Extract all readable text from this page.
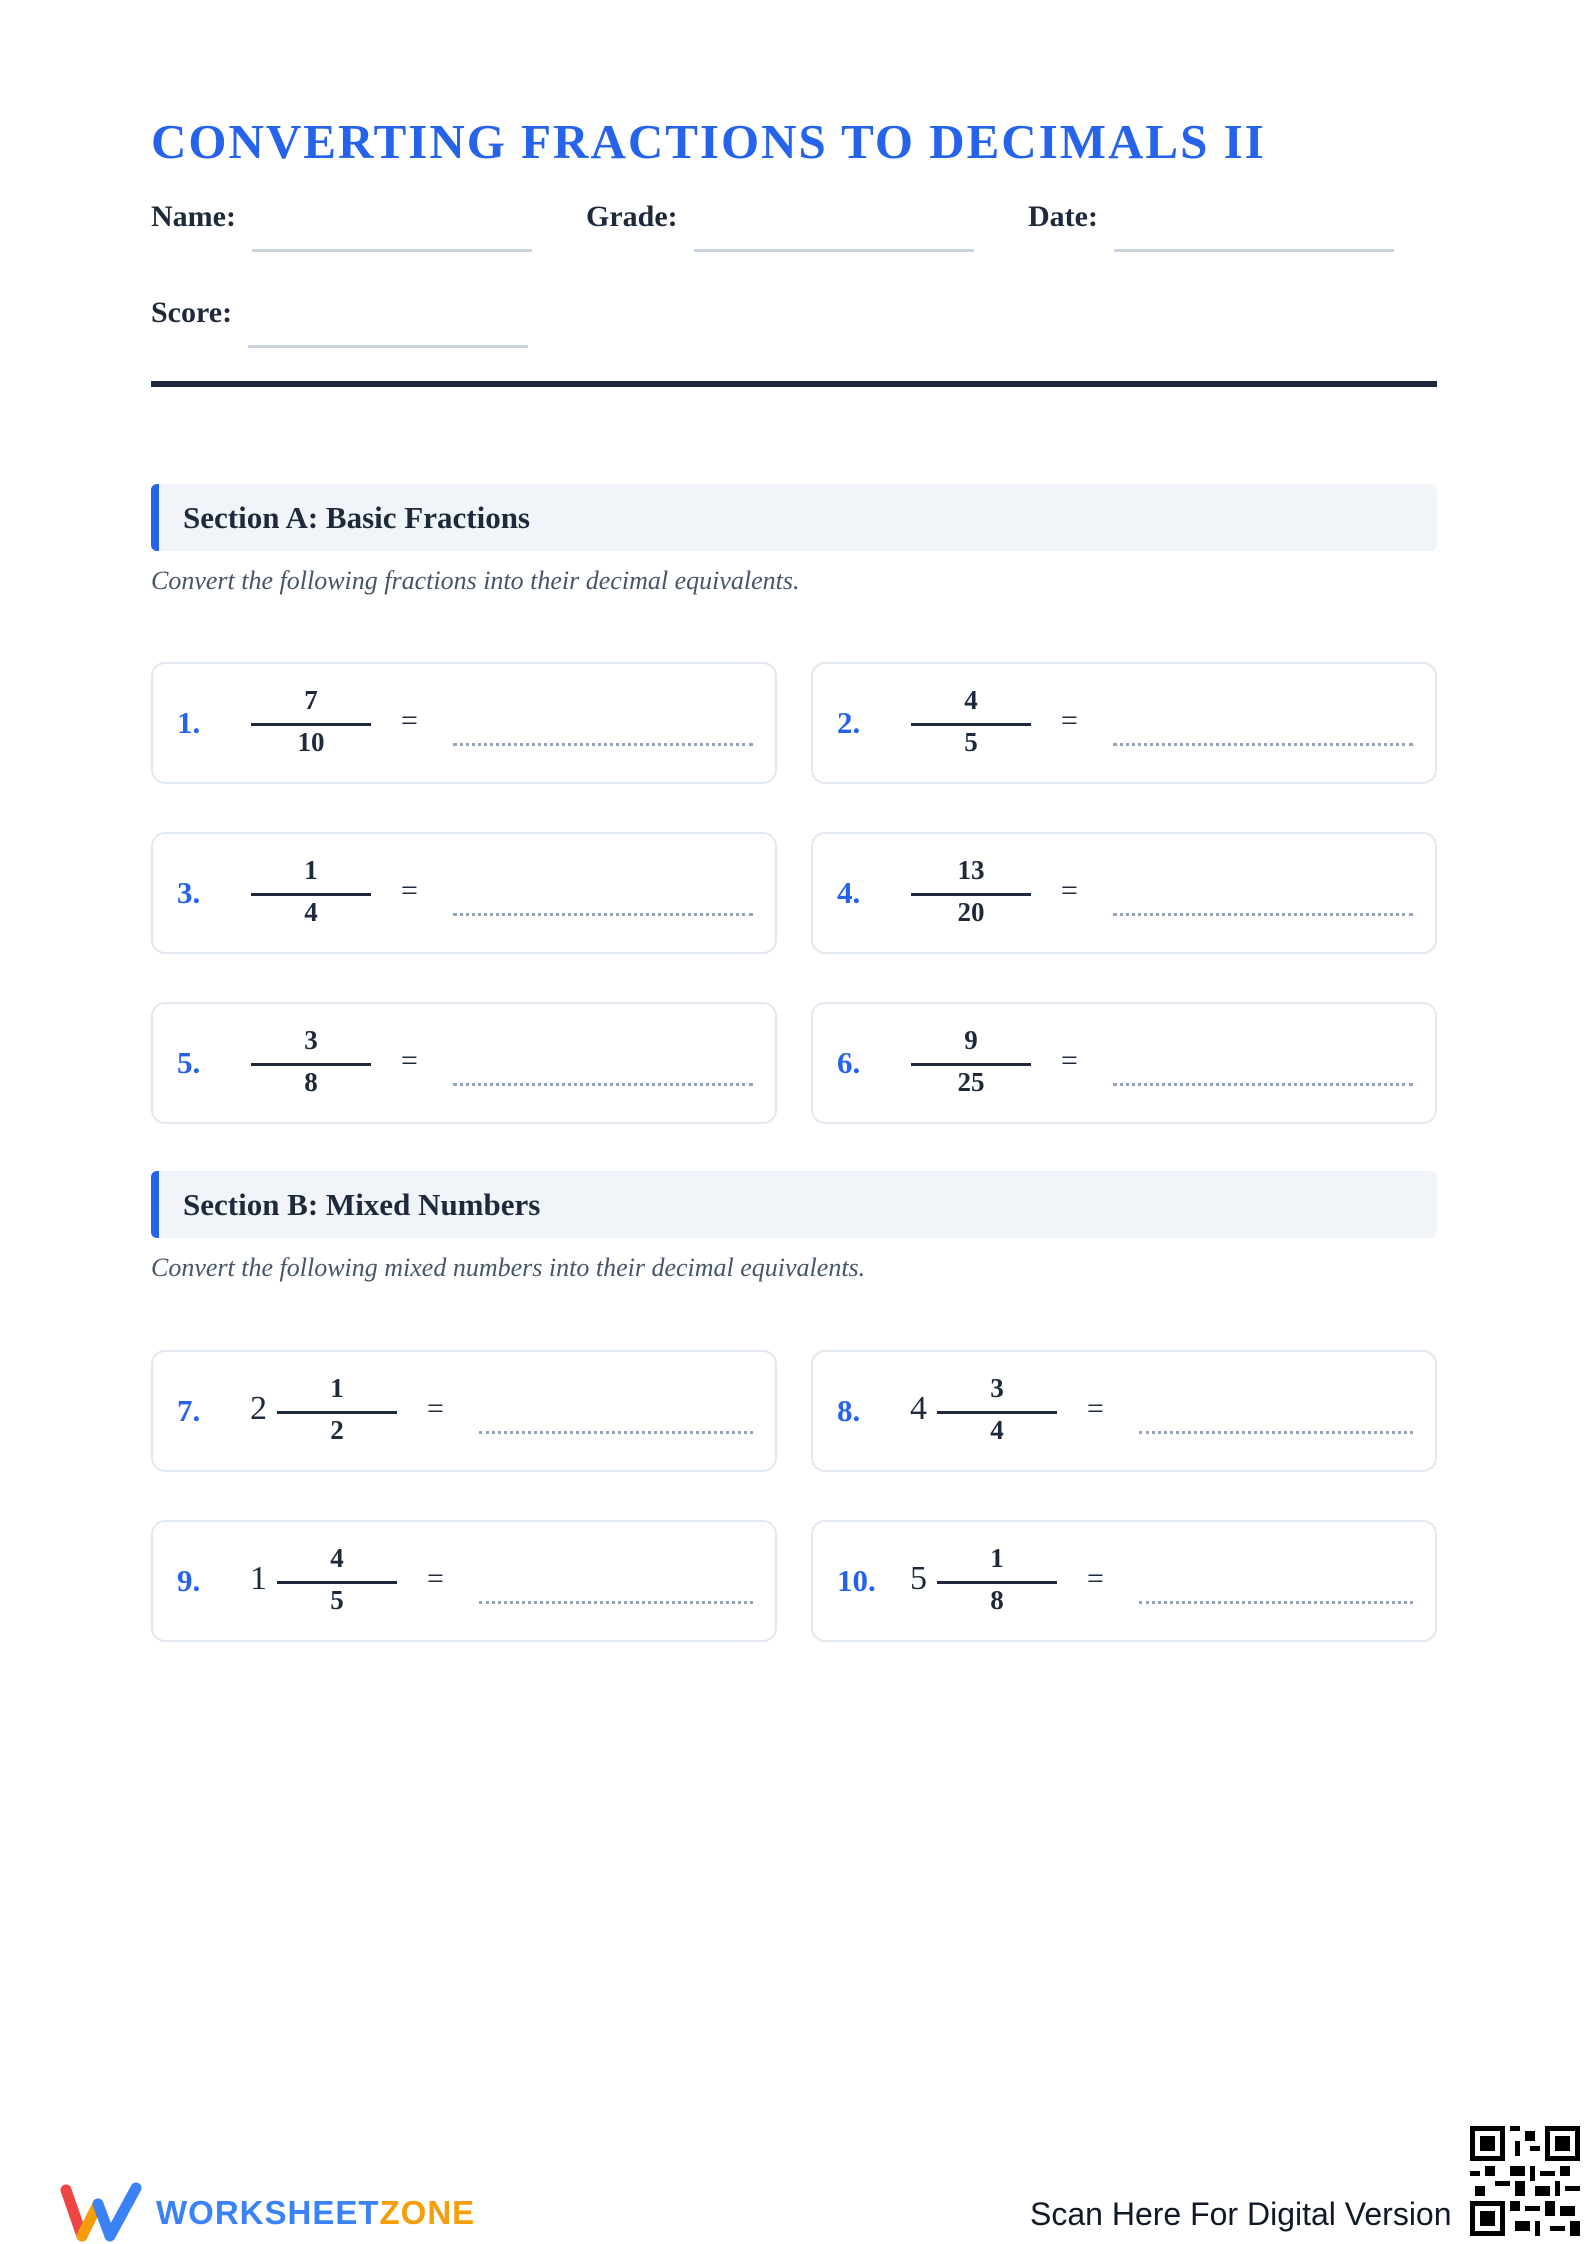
CONVERTING FRACTIONS TO DECIMALS II
Name:	Grade:	Date:
Score:
Section A: Basic Fractions
Convert the following fractions into their decimal equivalents.
1.
7
10
=	2.
4
5
=
3.
1
4
=	4.
13
20
=
5.
3
8
=	6.
9
25
=
Section B: Mixed Numbers
Convert the following mixed numbers into their decimal equivalents.
7. 2
1
2
=	8. 4
3
4
=
9. 1
4
5
=	10. 5
1
8
=
WORKSHEETZONE	Scan Here For Digital Version
